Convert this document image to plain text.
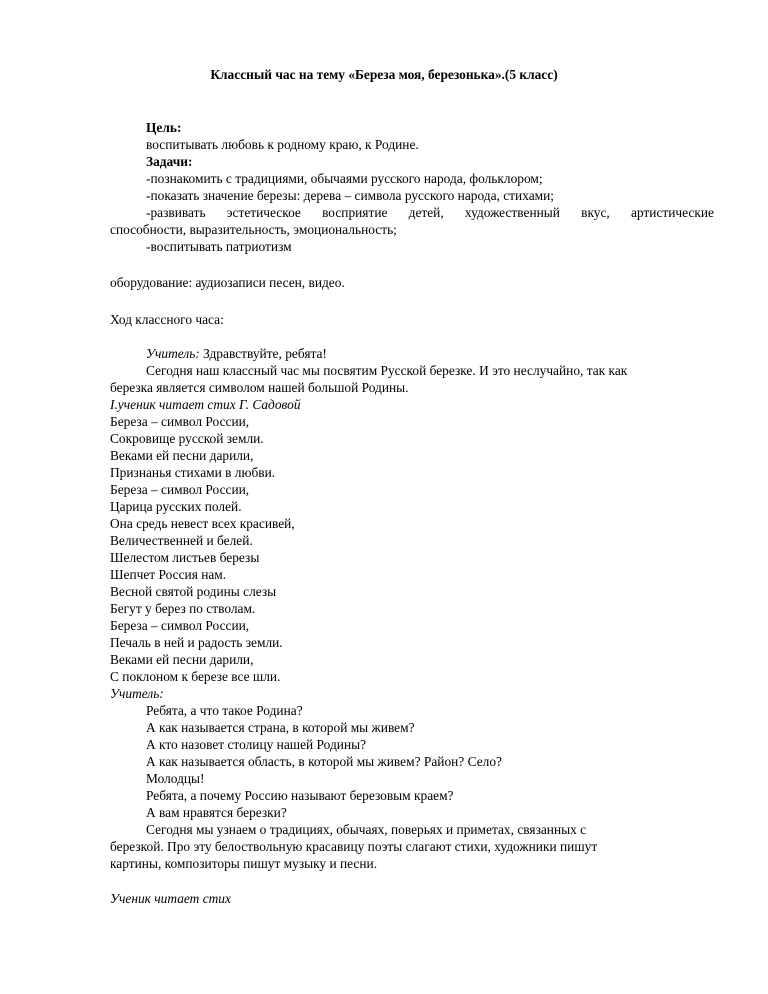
Классный час на тему «Береза моя, березонька».(5 класс)
Цель:
воспитывать любовь к родному краю, к Родине.
Задачи:
-познакомить с традициями, обычаями русского народа, фольклором;
-показать значение березы: дерева – символа русского народа, стихами;
-развивать эстетическое восприятие детей, художественный вкус, артистические
способности, выразительность, эмоциональность;
-воспитывать патриотизм
оборудование: аудиозаписи песен, видео.
Ход классного часа:
Учитель: Здравствуйте, ребята!
Сегодня наш классный час мы посвятим Русской березке. И это неслучайно, так как
березка является символом нашей большой Родины.
I.ученик читает стих Г. Садовой
Береза – символ России,
Сокровище русской земли.
Веками ей песни дарили,
Признанья стихами в любви.
Береза – символ России,
Царица русских полей.
Она средь невест всех красивей,
Величественней и белей.
Шелестом листьев березы
Шепчет Россия нам.
Весной святой родины слезы
Бегут у берез по стволам.
Береза – символ России,
Печаль в ней и радость земли.
Веками ей песни дарили,
С поклоном к березе все шли.
Учитель:
Ребята, а что такое Родина?
А как называется страна, в которой мы живем?
А кто назовет столицу нашей Родины?
А как называется область, в которой мы живем? Район? Село?
Молодцы!
Ребята, а почему Россию называют березовым краем?
А вам нравятся березки?
Сегодня мы узнаем о традициях, обычаях, поверьях и приметах, связанных с
березкой. Про эту белоствольную красавицу поэты слагают стихи, художники пишут
картины, композиторы пишут музыку и песни.
Ученик читает стих
